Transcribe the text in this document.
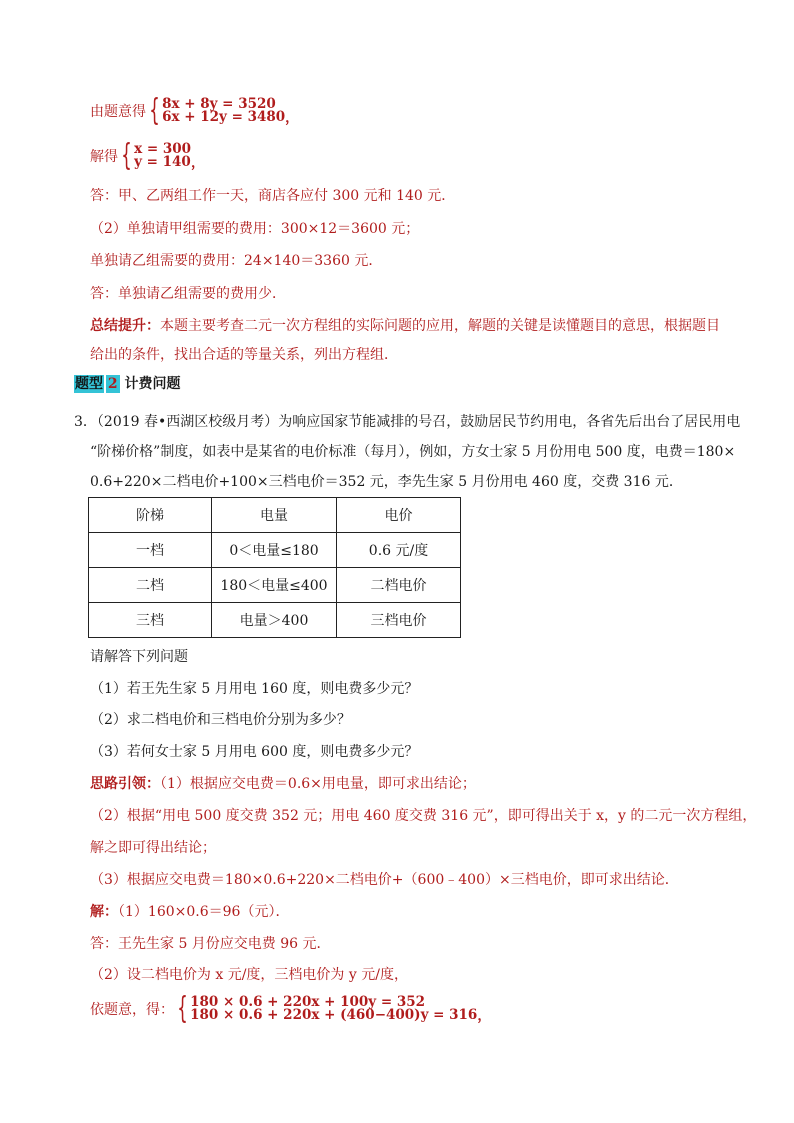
由题意得 { 8x + 8y = 3520
6x + 12y = 3480 ，
解得 { x = 300
y = 140 ，
答：甲、乙两组工作一天，商店各应付 300 元和 140 元．
（2）单独请甲组需要的费用：300×12＝3600 元；
单独请乙组需要的费用：24×140＝3360 元．
答：单独请乙组需要的费用少．
总结提升：本题主要考查二元一次方程组的实际问题的应用，解题的关键是读懂题目的意思，根据题目
给出的条件，找出合适的等量关系，列出方程组．
题型 2 计费问题
3．（2019 春•西湖区校级月考）为响应国家节能减排的号召，鼓励居民节约用电，各省先后出台了居民用电
“阶梯价格”制度，如表中是某省的电价标准（每月），例如，方女士家 5 月份用电 500 度，电费＝180×
0.6+220×二档电价+100×三档电价＝352 元，李先生家 5 月份用电 460 度，交费 316 元．
阶梯	电量	电价
一档	0＜电量≤180	0.6 元/度
二档	180＜电量≤400	二档电价
三档	电量＞400	三档电价
请解答下列问题
（1）若王先生家 5 月用电 160 度，则电费多少元？
（2）求二档电价和三档电价分别为多少？
（3）若何女士家 5 月用电 600 度，则电费多少元？
思路引领：（1）根据应交电费＝0.6×用电量，即可求出结论；
（2）根据“用电 500 度交费 352 元；用电 460 度交费 316 元”，即可得出关于 x，y 的二元一次方程组，
解之即可得出结论；
（3）根据应交电费＝180×0.6+220×二档电价+（600﹣400）×三档电价，即可求出结论．
解：（1）160×0.6＝96（元）．
答：王先生家 5 月份应交电费 96 元．
（2）设二档电价为 x 元/度，三档电价为 y 元/度，
依题意，得： { 180 × 0.6 + 220x + 100y = 352
180 × 0.6 + 220x + (460−400)y = 316 ，
